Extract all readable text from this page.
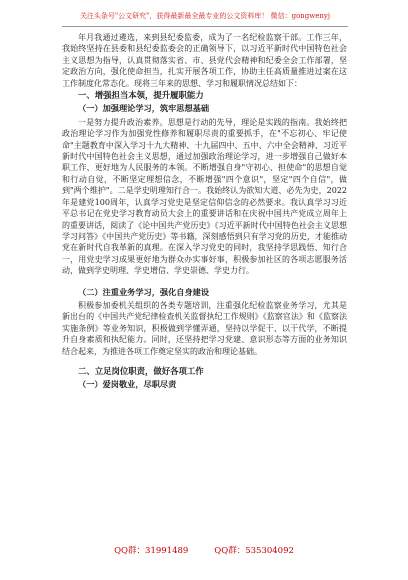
关注头条号"公文研究"，获得最新最全最专业的公文资料库！ 微信：gongwenyj

年月我通过遴选，来到县纪委监委，成为了一名纪检监察干部。工作三年，我始终坚持在县委和县纪委监委会的正确领导下，以习近平新时代中国特色社会主义思想为指导，认真贯彻落实省、市、县党代会精神和纪委全会工作部署，坚定政治方向，强化使命担当，扎实开展各项工作，协助主任高质量推进过案在这工作制度化常态化。现将三年来的思想、学习和履职情况总结如下：

一、增强担当本领，提升履职能力
（一）加强理论学习，筑牢思想基础

一是努力提升政治素养。思想是行动的先导，理论是实践的指南。我始终把政治理论学习作为加强党性修养和履职尽责的重要抓手，在"不忘初心、牢记使命"主题教育中深入学习十九大精神、十九届四中、五中、六中全会精神、习近平新时代中国特色社会主义思想，通过加强政治理论学习，进一步增强自己做好本职工作、更好地为人民服务的本领。不断增强自身"守初心、担使命"的思想自觉和行动自觉，不断坚定理想信念，不断增强"四个意识"，坚定"四个自信"，做到"两个维护"。二是学史明理知行合一。我始终认为欲知大道、必先为史，2022年是建党100周年，认真学习党史是坚定信仰信念的必然要求。我认真学习习近平总书记在党史学习教育动员大会上的重要讲话和在庆祝中国共产党成立周年上的重要讲话，阅读了《论中国共产党历史》《习近平新时代中国特色社会主义思想学习问答》《中国共产党历史》等书籍，深刻感悟到只有学习党的历史，才能推动党在新时代自我革新的真理。在深入学习党史的同时，我坚持学思践悟、知行合一，用党史学习成果更好地为群众办实事好事，积极参加社区的各项志愿服务活动，做到学史明理、学史增信、学史崇德、学史力行。

（二）注重业务学习，强化自身建设

积极参加委机关组织的各类专题培训，注重强化纪检监察业务学习，尤其是新出台的《中国共产党纪律检查机关监督执纪工作规则》《监察官法》和《监察法实施条例》等业务知识，积极做到学懂弄通，坚持以学促干、以干代学，不断提升自身素质和执纪能力。同时，还坚持把学习党建、意识形态等方面的业务知识结合起来，为推进各项工作奠定坚实的政治和理论基础。

二、立足岗位职责，做好各项工作
（一）爱岗敬业，尽职尽责
QQ群：31991489	QQ群：535304092
